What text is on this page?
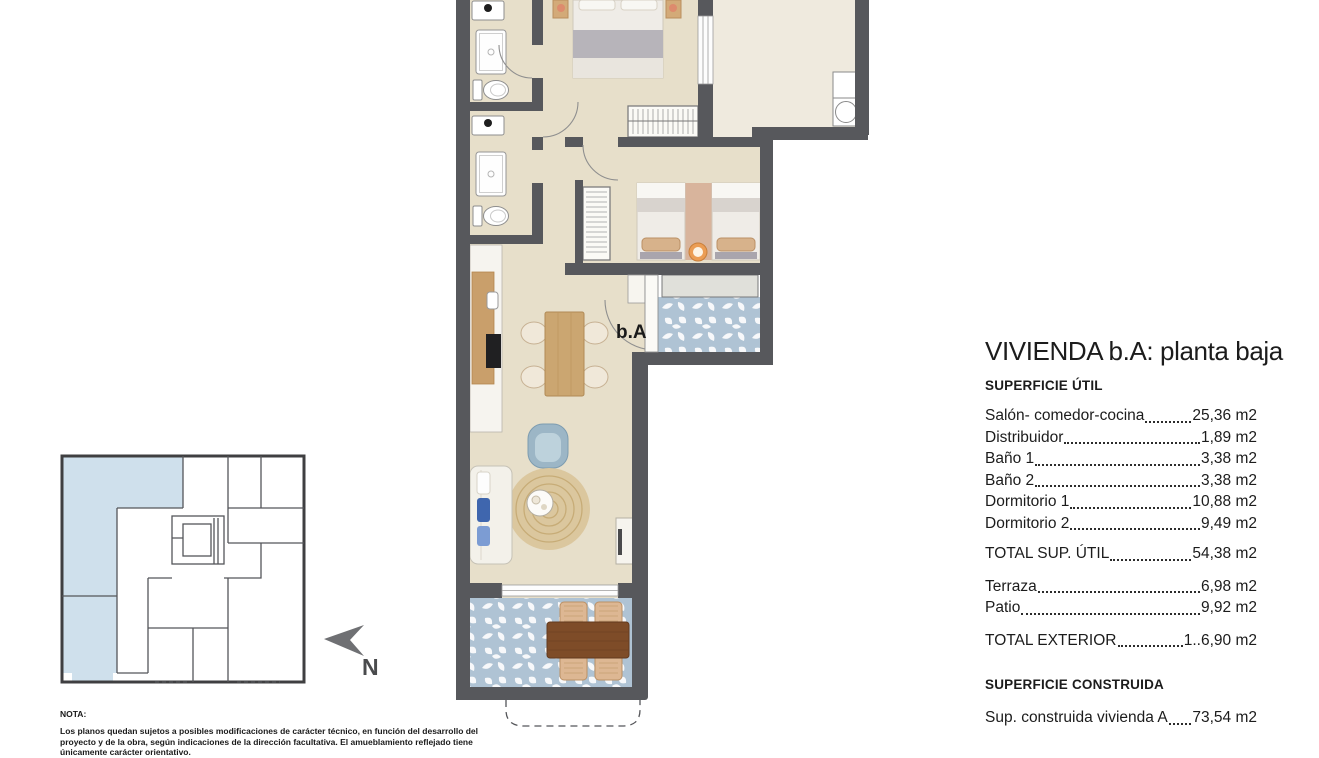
b.A
N
VIVIENDA b.A: planta baja
SUPERFICIE ÚTIL
Salón- comedor-cocina	25,36 m2
Distribuidor	1,89 m2
Baño 1	3,38 m2
Baño 2	3,38 m2
Dormitorio 1	10,88 m2
Dormitorio 2	9,49 m2
TOTAL SUP. ÚTIL	54,38 m2
Terraza	6,98 m2
Patio	9,92 m2
TOTAL EXTERIOR	1..6,90 m2
SUPERFICIE CONSTRUIDA
Sup. construida vivienda A 73,54 m2

NOTA:

Los planos quedan sujetos a posibles modificaciones de carácter técnico, en función del desarrollo del proyecto y de la obra, según indicaciones de la dirección facultativa. El amueblamiento reflejado tiene únicamente carácter orientativo.
